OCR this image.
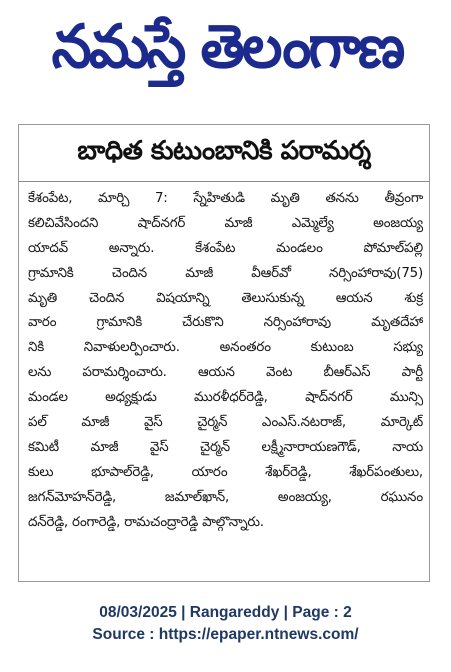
నమస్తే తెలంగాణ
బాధిత కుటుంబానికి పరామర్శ
కేశంపేట, మార్చి 7: స్నేహితుడి మృతి తనను తీవ్రంగా
కలిచివేసిందని షాద్‌నగర్ మాజీ ఎమ్మెల్యే అంజయ్య
యాదవ్ అన్నారు. కేశంపేట మండలం పోమాల్‌పల్లి
గ్రామానికి చెందిన మాజీ వీఆర్‌వో నర్సింహారావు(75)
మృతి చెందిన విషయాన్ని తెలుసుకున్న ఆయన శుక్ర
వారం గ్రామానికి చేరుకొని నర్సింహారావు మృతదేహా
నికి నివాళులర్పించారు. అనంతరం కుటుంబ సభ్యు
లను పరామర్శించారు. ఆయన వెంట బీఆర్‌ఎస్ పార్టీ
మండల అధ్యక్షుడు మురళీధర్‌రెడ్డి, షాద్‌నగర్ మున్సి
పల్ మాజీ వైస్ చైర్మన్ ఎంఎస్.నటరాజ్, మార్కెట్
కమిటీ మాజీ వైస్ చైర్మన్ లక్ష్మీనారాయణగౌడ్, నాయ
కులు భూపాల్‌రెడ్డి, యారం శేఖర్‌రెడ్డి, శేఖర్‌పంతులు,
జగన్‌మోహన్‌రెడ్డి, జమాల్‌ఖాన్, అంజయ్య, రఘునం
దన్‌రెడ్డి, రంగారెడ్డి, రామచంద్రారెడ్డి పాల్గొన్నారు.
08/03/2025 | Rangareddy | Page : 2
Source : https://epaper.ntnews.com/
